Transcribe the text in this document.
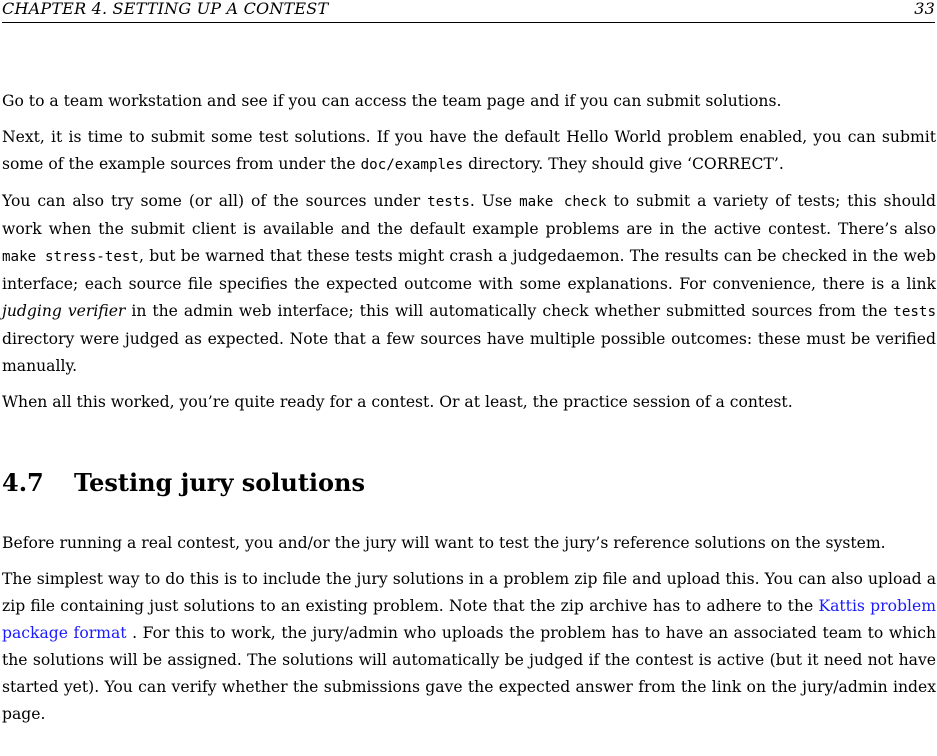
CHAPTER 4. SETTING UP A CONTEST	33

Go to a team workstation and see if you can access the team page and if you can submit solutions.

Next, it is time to submit some test solutions. If you have the default Hello World problem enabled, you can submit some of the example sources from under the doc/examples directory. They should give ‘CORRECT’.

You can also try some (or all) of the sources under tests. Use make check to submit a variety of tests; this should work when the submit client is available and the default example problems are in the active contest. There’s also make stress-test, but be warned that these tests might crash a judgedaemon. The results can be checked in the web interface; each source file specifies the expected outcome with some explanations. For convenience, there is a link judging verifier in the admin web interface; this will automatically check whether submitted sources from the tests directory were judged as expected. Note that a few sources have multiple possible outcomes: these must be verified manually.

When all this worked, you’re quite ready for a contest. Or at least, the practice session of a contest.

4.7 Testing jury solutions

Before running a real contest, you and/or the jury will want to test the jury’s reference solutions on the system.

The simplest way to do this is to include the jury solutions in a problem zip file and upload this. You can also upload a zip file containing just solutions to an existing problem. Note that the zip archive has to adhere to the Kattis problem package format . For this to work, the jury/admin who uploads the problem has to have an associated team to which the solutions will be assigned. The solutions will automatically be judged if the contest is active (but it need not have started yet). You can verify whether the submissions gave the expected answer from the link on the jury/admin index page.
